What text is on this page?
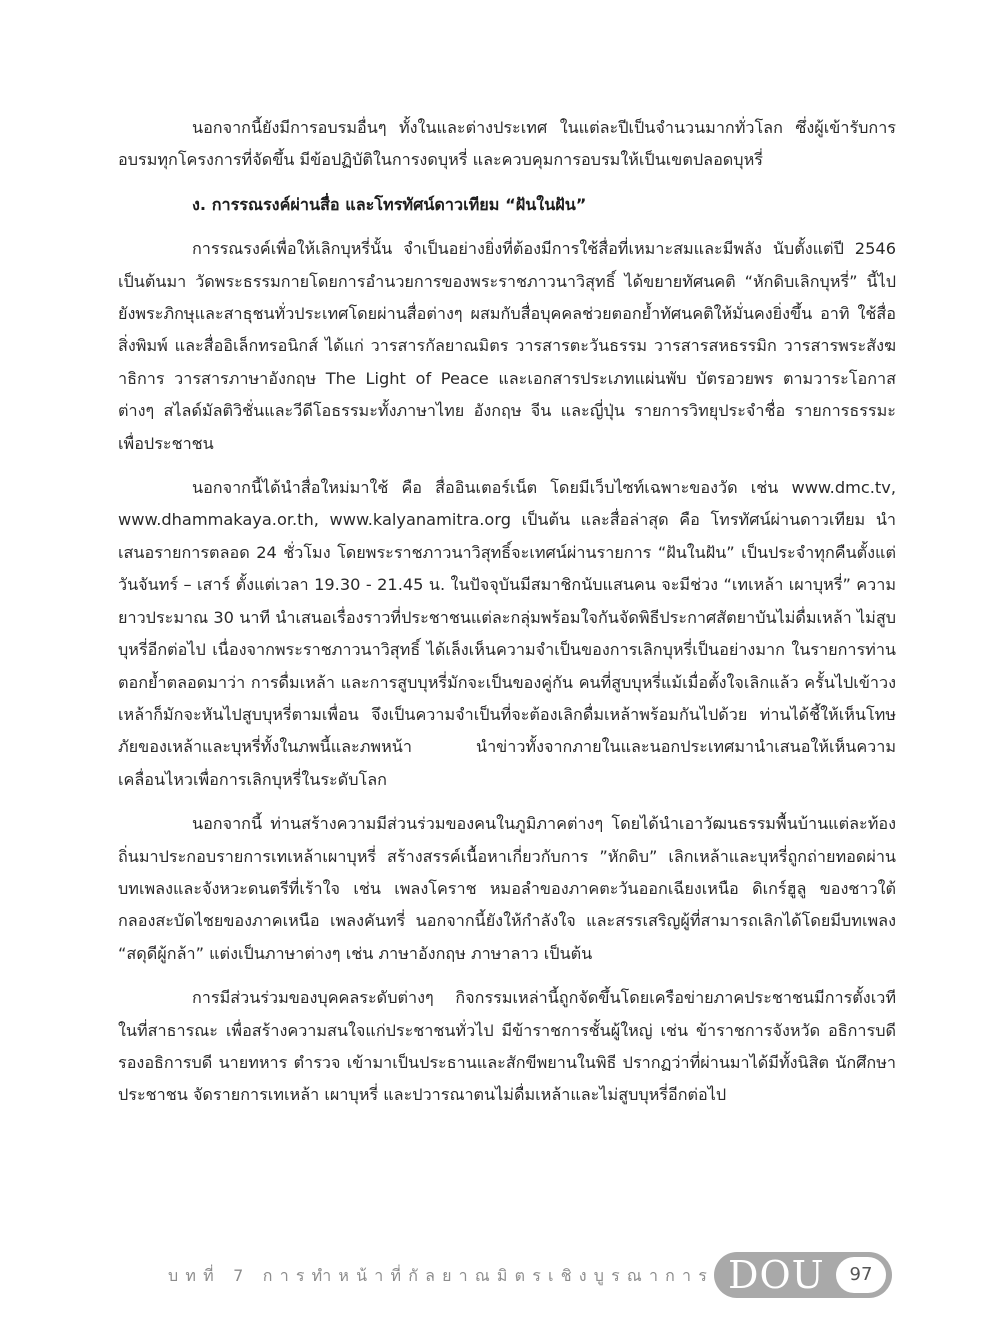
นอกจากนี้ยังมีการอบรมอื่นๆ ทั้งในและต่างประเทศ ในแต่ละปีเป็นจำนวนมากทั่วโลก ซึ่งผู้เข้ารับการอบรมทุกโครงการที่จัดขึ้น มีข้อปฏิบัติในการงดบุหรี่ และควบคุมการอบรมให้เป็นเขตปลอดบุหรี่

ง. การรณรงค์ผ่านสื่อ และโทรทัศน์ดาวเทียม “ฝันในฝัน”

การรณรงค์เพื่อให้เลิกบุหรี่นั้น จำเป็นอย่างยิ่งที่ต้องมีการใช้สื่อที่เหมาะสมและมีพลัง นับตั้งแต่ปี 2546 เป็นต้นมา วัดพระธรรมกายโดยการอำนวยการของพระราชภาวนาวิสุทธิ์ ได้ขยายทัศนคติ “หักดิบเลิกบุหรี่” นี้ไปยังพระภิกษุและสาธุชนทั่วประเทศโดยผ่านสื่อต่างๆ ผสมกับสื่อบุคคลช่วยตอกย้ำทัศนคติให้มั่นคงยิ่งขึ้น อาทิ ใช้สื่อสิ่งพิมพ์ และสื่ออิเล็กทรอนิกส์ ได้แก่ วารสารกัลยาณมิตร วารสารตะวันธรรม วารสารสหธรรมิก วารสารพระสังฆาธิการ วารสารภาษาอังกฤษ The Light of Peace และเอกสารประเภทแผ่นพับ บัตรอวยพร ตามวาระโอกาสต่างๆ สไลด์มัลติวิชั่นและวีดีโอธรรมะทั้งภาษาไทย อังกฤษ จีน และญี่ปุ่น รายการวิทยุประจำชื่อ รายการธรรมะเพื่อประชาชน

นอกจากนี้ได้นำสื่อใหม่มาใช้ คือ สื่ออินเตอร์เน็ต โดยมีเว็บไซท์เฉพาะของวัด เช่น www.dmc.tv, www.dhammakaya.or.th, www.kalyanamitra.org เป็นต้น และสื่อล่าสุด คือ โทรทัศน์ผ่านดาวเทียม นำเสนอรายการตลอด 24 ชั่วโมง โดยพระราชภาวนาวิสุทธิ์จะเทศน์ผ่านรายการ “ฝันในฝัน” เป็นประจำทุกคืนตั้งแต่วันจันทร์ – เสาร์ ตั้งแต่เวลา 19.30 - 21.45 น. ในปัจจุบันมีสมาชิกนับแสนคน จะมีช่วง “เทเหล้า เผาบุหรี่” ความยาวประมาณ 30 นาที นำเสนอเรื่องราวที่ประชาชนแต่ละกลุ่มพร้อมใจกันจัดพิธีประกาศสัตยาบันไม่ดื่มเหล้า ไม่สูบบุหรี่อีกต่อไป เนื่องจากพระราชภาวนาวิสุทธิ์ ได้เล็งเห็นความจำเป็นของการเลิกบุหรี่เป็นอย่างมาก ในรายการท่านตอกย้ำตลอดมาว่า การดื่มเหล้า และการสูบบุหรี่มักจะเป็นของคู่กัน คนที่สูบบุหรี่แม้เมื่อตั้งใจเลิกแล้ว ครั้นไปเข้าวงเหล้าก็มักจะหันไปสูบบุหรี่ตามเพื่อน จึงเป็นความจำเป็นที่จะต้องเลิกดื่มเหล้าพร้อมกันไปด้วย ท่านได้ชี้ให้เห็นโทษภัยของเหล้าและบุหรี่ทั้งในภพนี้และภพหน้า นำข่าวทั้งจากภายในและนอกประเทศมานำเสนอให้เห็นความเคลื่อนไหวเพื่อการเลิกบุหรี่ในระดับโลก

นอกจากนี้ ท่านสร้างความมีส่วนร่วมของคนในภูมิภาคต่างๆ โดยได้นำเอาวัฒนธรรมพื้นบ้านแต่ละท้องถิ่นมาประกอบรายการเทเหล้าเผาบุหรี่ สร้างสรรค์เนื้อหาเกี่ยวกับการ ”หักดิบ” เลิกเหล้าและบุหรี่ถูกถ่ายทอดผ่านบทเพลงและจังหวะดนตรีที่เร้าใจ เช่น เพลงโคราช หมอลำของภาคตะวันออกเฉียงเหนือ ดิเกร์ฮูลู ของชาวใต้ กลองสะบัดไชยของภาคเหนือ เพลงคันทรี่ นอกจากนี้ยังให้กำลังใจ และสรรเสริญผู้ที่สามารถเลิกได้โดยมีบทเพลง “สดุดีผู้กล้า” แต่งเป็นภาษาต่างๆ เช่น ภาษาอังกฤษ ภาษาลาว เป็นต้น

การมีส่วนร่วมของบุคคลระดับต่างๆ กิจกรรมเหล่านี้ถูกจัดขึ้นโดยเครือข่ายภาคประชาชนมีการตั้งเวทีในที่สาธารณะ เพื่อสร้างความสนใจแก่ประชาชนทั่วไป มีข้าราชการชั้นผู้ใหญ่ เช่น ข้าราชการจังหวัด อธิการบดี รองอธิการบดี นายทหาร ตำรวจ เข้ามาเป็นประธานและสักขีพยานในพิธี ปรากฏว่าที่ผ่านมาได้มีทั้งนิสิต นักศึกษาประชาชน จัดรายการเทเหล้า เผาบุหรี่ และปวารณาตนไม่ดื่มเหล้าและไม่สูบบุหรี่อีกต่อไป

บทที่ 7 การทำหน้าที่กัลยาณมิตรเชิงบูรณาการ DOU	97
